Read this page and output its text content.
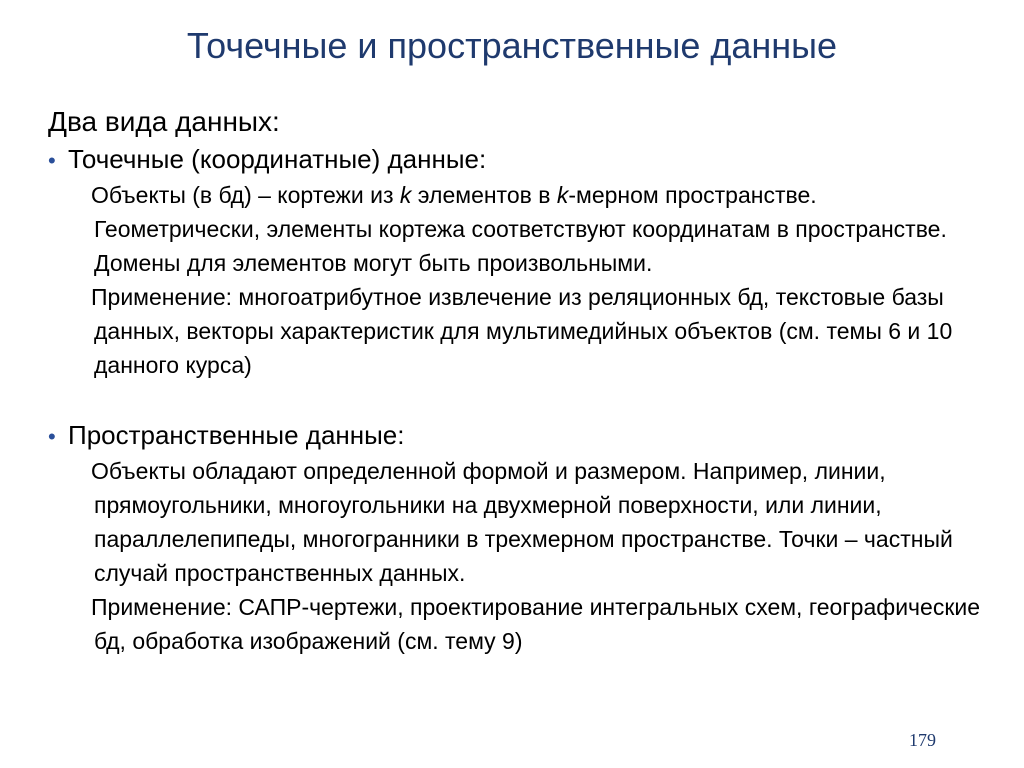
Точечные и пространственные данные
Два вида данных:
• Точечные (координатные) данные:
Объекты (в бд) – кортежи из k элементов в k-мерном пространстве. Геометрически, элементы кортежа соответствуют координатам в пространстве. Домены для элементов могут быть произвольными.
Применение: многоатрибутное извлечение из реляционных бд, текстовые базы данных, векторы характеристик для мультимедийных объектов (см. темы 6 и 10 данного курса)
• Пространственные данные:
Объекты обладают определенной формой и размером. Например, линии, прямоугольники, многоугольники на двухмерной поверхности, или линии, параллелепипеды, многогранники в трехмерном пространстве. Точки – частный случай пространственных данных.
Применение: САПР-чертежи, проектирование интегральных схем, географические бд, обработка изображений (см. тему 9)
179
